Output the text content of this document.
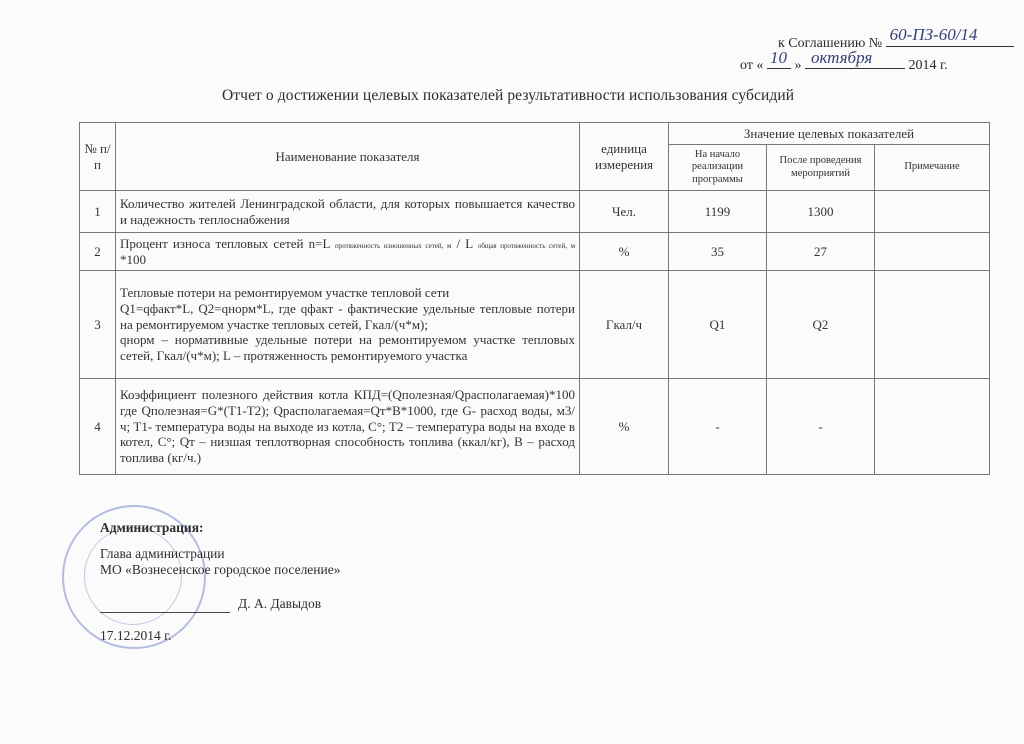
к Соглашению № 60-ПЗ-60/14
от « 10 » октября	2014 г.
Отчет о достижении целевых показателей результативности использования субсидий
№ п/п	Наименование показателя	единица измерения	Значение целевых показателей		
			На начало реализации программы	После проведения мероприятий	Примечание
1	Количество жителей Ленинградской области, для которых повышается качество и надежность теплоснабжения	Чел.	1199	1300	
2	Процент износа тепловых сетей n=L протяженность изношенных сетей, м / L общая протяженность сетей, м *100	%	35	27	
3	Тепловые потери на ремонтируемом участке тепловой сети
Q1=qфакт*L, Q2=qнорм*L, где qфакт - фактические удельные тепловые потери на ремонтируемом участке тепловых сетей, Гкал/(ч*м);
qнорм – нормативные удельные потери на ремонтируемом участке тепловых сетей, Гкал/(ч*м); L – протяженность ремонтируемого участка	Гкал/ч	Q1	Q2	
4	Коэффициент полезного действия котла КПД=(Qполезная/Qрасполагаемая)*100 где Qполезная=G*(T1-T2); Qрасполагаемая=Qт*B*1000, где G- расход воды, м3/ч; T1- температура воды на выходе из котла, С°; T2 – температура воды на входе в котел, С°; Qт – низшая теплотворная способность топлива (ккал/кг), В – расход топлива (кг/ч.)	%	-	-	
Администрация:
Глава администрации
МО «Вознесенское городское поселение»
Д. А. Давыдов
17.12.2014 г.
